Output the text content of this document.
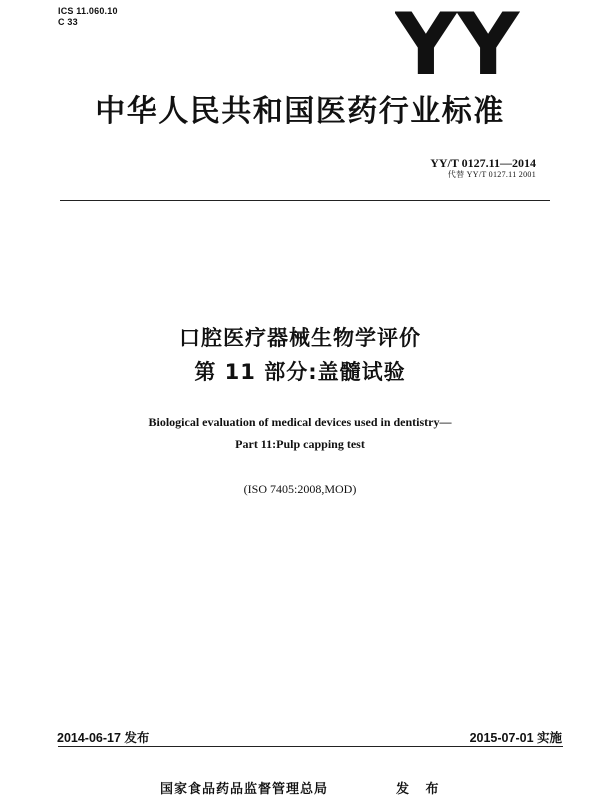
ICS 11.060.10
C 33	YY
中华人民共和国医药行业标准
YY/T 0127.11—2014
代替 YY/T 0127.11 2001
口腔医疗器械生物学评价
第 11 部分:盖髓试验
Biological evaluation of medical devices used in dentistry—
Part 11:Pulp capping test
(ISO 7405:2008,MOD)
2014-06-17 发布	2015-07-01 实施
国家食品药品监督管理总局	发 布
